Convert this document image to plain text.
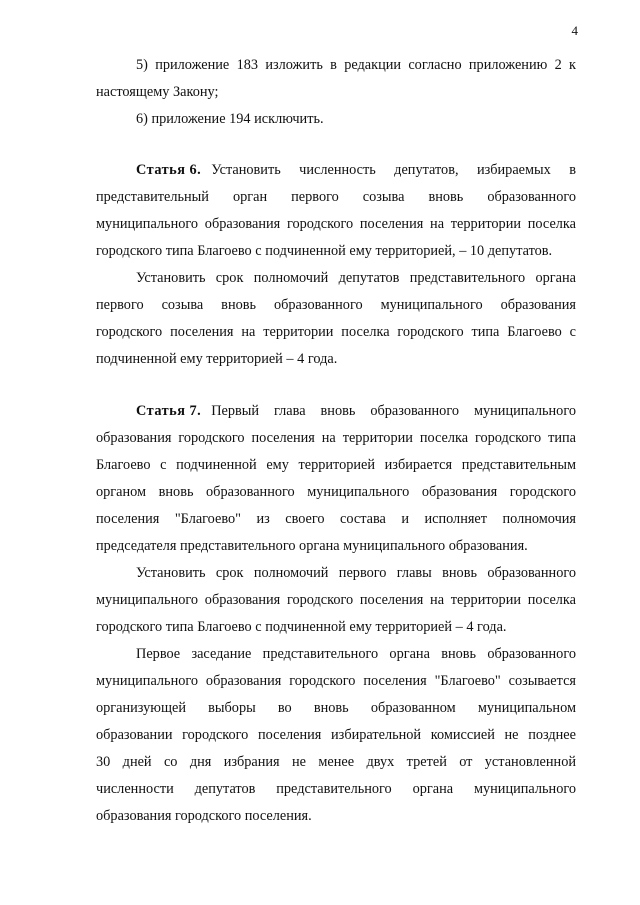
4
5) приложение 183 изложить в редакции согласно приложению 2 к
настоящему Закону;
6) приложение 194 исключить.
Статья 6. Установить численность депутатов, избираемых в
представительный орган первого созыва вновь образованного
муниципального образования городского поселения на территории поселка
городского типа Благоево с подчиненной ему территорией, – 10 депутатов.
Установить срок полномочий депутатов представительного органа
первого созыва вновь образованного муниципального образования
городского поселения на территории поселка городского типа Благоево с
подчиненной ему территорией – 4 года.
Статья 7. Первый глава вновь образованного муниципального
образования городского поселения на территории поселка городского типа
Благоево с подчиненной ему территорией избирается представительным
органом вновь образованного муниципального образования городского
поселения "Благоево" из своего состава и исполняет полномочия
председателя представительного органа муниципального образования.
Установить срок полномочий первого главы вновь образованного
муниципального образования городского поселения на территории поселка
городского типа Благоево с подчиненной ему территорией – 4 года.
Первое заседание представительного органа вновь образованного
муниципального образования городского поселения "Благоево" созывается
организующей выборы во вновь образованном муниципальном
образовании городского поселения избирательной комиссией не позднее
30 дней со дня избрания не менее двух третей от установленной
численности депутатов представительного органа муниципального
образования городского поселения.
